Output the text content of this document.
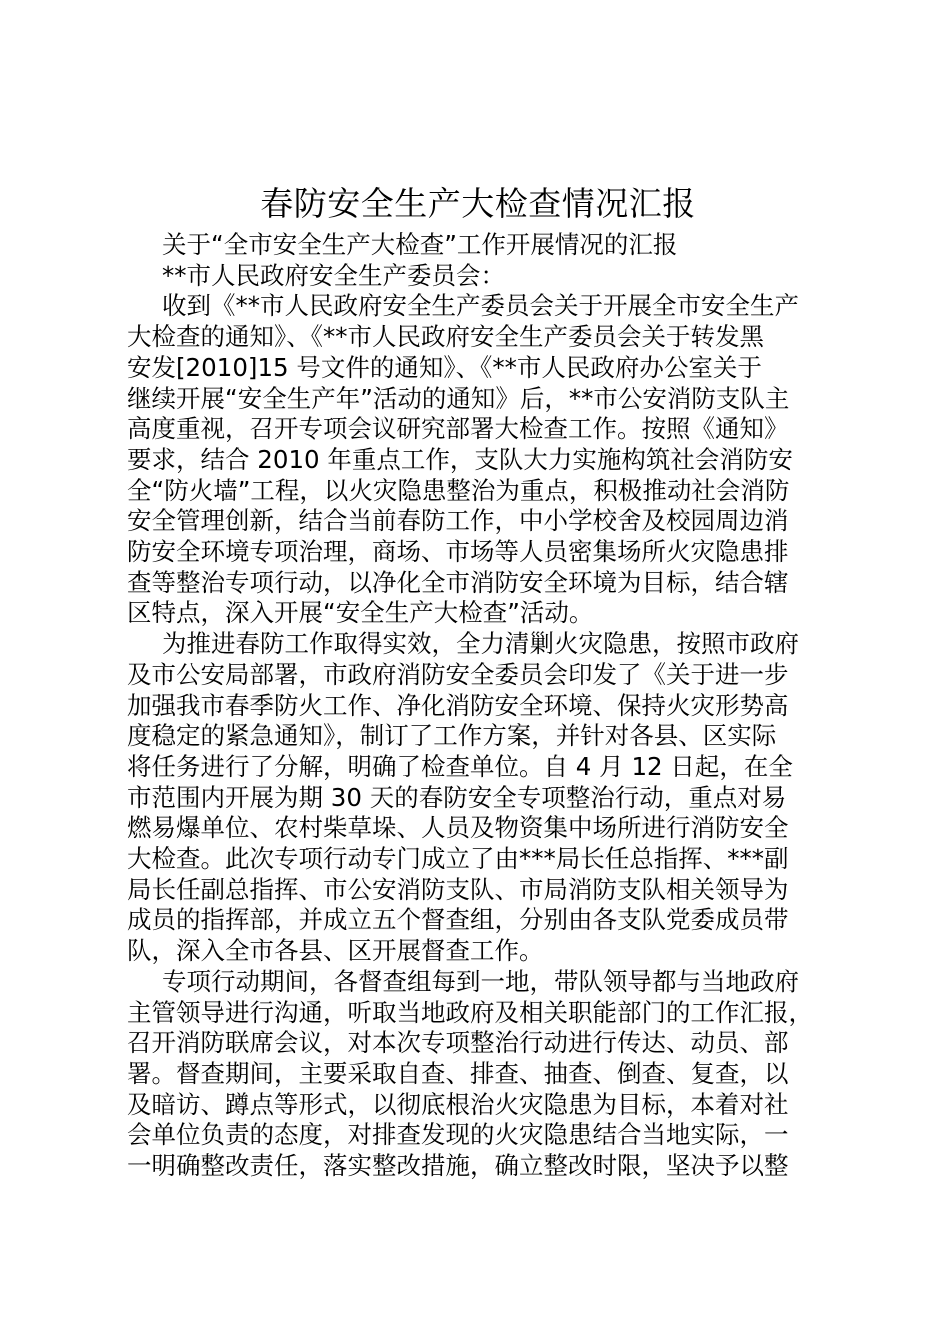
春防安全生产大检查情况汇报

关于“全市安全生产大检查”工作开展情况的汇报

**市人民政府安全生产委员会：

收到《**市人民政府安全生产委员会关于开展全市安全生产

大检查的通知》、《**市人民政府安全生产委员会关于转发黑

安发[2010]15 号文件的通知》、《**市人民政府办公室关于

继续开展“安全生产年”活动的通知》后，**市公安消防支队主

高度重视，召开专项会议研究部署大检查工作。按照《通知》

要求，结合 2010 年重点工作，支队大力实施构筑社会消防安

全“防火墙”工程，以火灾隐患整治为重点，积极推动社会消防

安全管理创新，结合当前春防工作，中小学校舍及校园周边消

防安全环境专项治理，商场、市场等人员密集场所火灾隐患排

查等整治专项行动，以净化全市消防安全环境为目标，结合辖

区特点，深入开展“安全生产大检查”活动。

为推进春防工作取得实效，全力清剿火灾隐患，按照市政府

及市公安局部署，市政府消防安全委员会印发了《关于进一步

加强我市春季防火工作、净化消防安全环境、保持火灾形势高

度稳定的紧急通知》，制订了工作方案，并针对各县、区实际

将任务进行了分解，明确了检查单位。自 4 月 12 日起，在全

市范围内开展为期 30 天的春防安全专项整治行动，重点对易

燃易爆单位、农村柴草垛、人员及物资集中场所进行消防安全

大检查。此次专项行动专门成立了由***局长任总指挥、***副

局长任副总指挥、市公安消防支队、市局消防支队相关领导为

成员的指挥部，并成立五个督查组，分别由各支队党委成员带

队，深入全市各县、区开展督查工作。

专项行动期间，各督查组每到一地，带队领导都与当地政府

主管领导进行沟通，听取当地政府及相关职能部门的工作汇报，

召开消防联席会议，对本次专项整治行动进行传达、动员、部

署。督查期间，主要采取自查、排查、抽查、倒查、复查，以

及暗访、蹲点等形式，以彻底根治火灾隐患为目标，本着对社

会单位负责的态度，对排查发现的火灾隐患结合当地实际，一

一明确整改责任，落实整改措施，确立整改时限，坚决予以整
